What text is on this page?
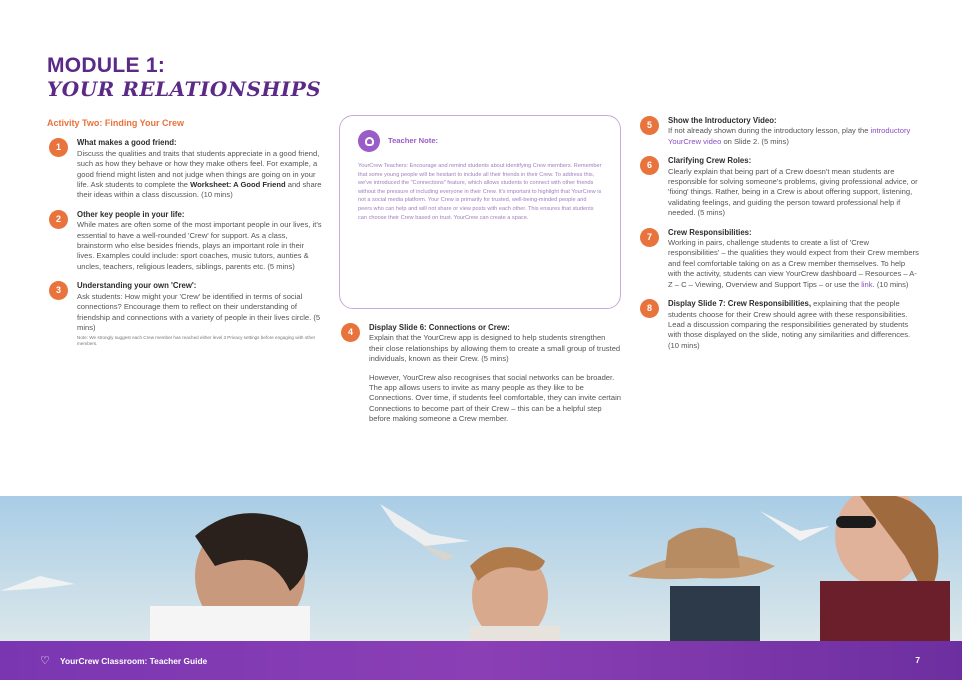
MODULE 1:
YOUR RELATIONSHIPS
Activity Two: Finding Your Crew
1	What makes a good friend:
Discuss the qualities and traits that students appreciate in a good friend, such as how they behave or how they make others feel. For example, a good friend might listen and not judge when things are going on in your life. Ask students to complete the Worksheet: A Good Friend and share their ideas within a class discussion. (10 mins)
2	Other key people in your life:
While mates are often some of the most important people in our lives, it's essential to have a well-rounded 'Crew' for support. As a class, brainstorm who else besides friends, plays an important role in their lives. Examples could include: sport coaches, music tutors, aunties & uncles, teachers, religious leaders, siblings, parents etc. (5 mins)
3	Understanding your own 'Crew':
Ask students: How might your 'Crew' be identified in terms of social connections? Encourage them to reflect on their understanding of friendship and connections with a variety of people in their lives circle. (5 mins)
Note: We strongly suggest each Crew member has reached either level 3 Privacy settings before engaging with other members.
Teacher Note:
YourCrew Teachers: Encourage and remind students about identifying Crew members. Remember that some young people will be hesitant to include all their friends in their Crew. To address this, we've introduced the "Connections" feature, which allows students to connect with other friends without the pressure of including everyone in their Crew. It's important to highlight that YourCrew is not a social media platform. Your Crew is primarily for trusted, well-being-minded people and peers who can help and will not share or view posts with each other. This ensures that students can choose their Crew based on trust. YourCrew can create a space.
4	Display Slide 6: Connections or Crew:
Explain that the YourCrew app is designed to help students strengthen their close relationships by allowing them to create a small group of trusted individuals, known as their Crew. (5 mins)
However, YourCrew also recognises that social networks can be broader. The app allows users to invite as many people as they like to be Connections. Over time, if students feel comfortable, they can invite certain Connections to become part of their Crew – this can be a helpful step before making someone a Crew member.
5	Show the Introductory Video:
If not already shown during the introductory lesson, play the introductory YourCrew video on Slide 2. (5 mins)
6	Clarifying Crew Roles:
Clearly explain that being part of a Crew doesn't mean students are responsible for solving someone's problems, giving professional advice, or 'fixing' things. Rather, being in a Crew is about offering support, listening, validating feelings, and guiding the person toward professional help if needed. (5 mins)
7	Crew Responsibilities:
Working in pairs, challenge students to create a list of 'Crew responsibilities' – the qualities they would expect from their Crew members and feel comfortable taking on as a Crew member themselves. To help with the activity, students can view YourCrew dashboard – Resources – A-Z – C – Viewing, Overview and Support Tips – or use the link. (10 mins)
8	Display Slide 7: Crew Responsibilities, explaining that the people students choose for their Crew should agree with these responsibilities. Lead a discussion comparing the responsibilities generated by students with those displayed on the slide, noting any similarities and differences. (10 mins)
♡ YourCrew Classroom: Teacher Guide	7
